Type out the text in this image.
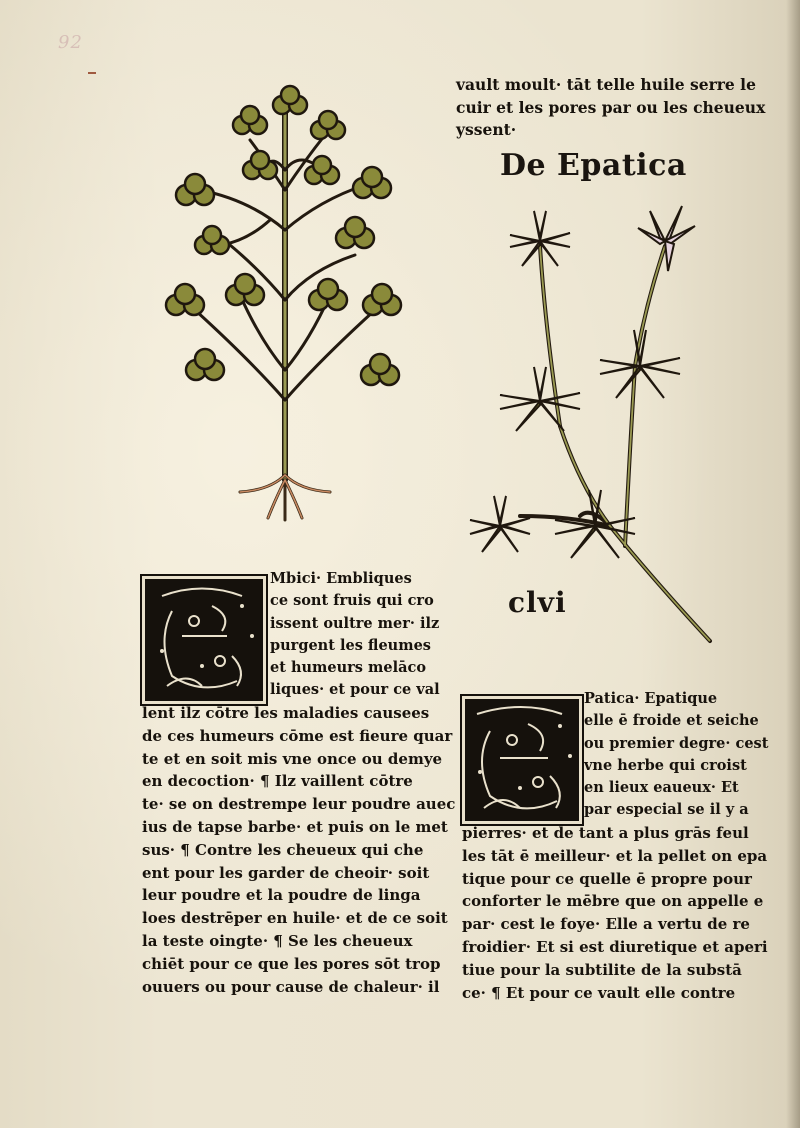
92
vault moult· tāt telle huile serre le
cuir et les pores par ou les cheueux
yssent·
De Epatica
clvi
Mbici· Embliques
ce sont fruis qui cro
issent oultre mer· ilz
purgent les fleumes
et humeurs melāco
liques· et pour ce val
lent ilz cōtre les maladies causees
de ces humeurs cōme est fieure quar
te et en soit mis vne once ou demye
en decoction· ¶ Ilz vaillent cōtre
te· se on destrempe leur poudre auec
ius de tapse barbe· et puis on le met
sus· ¶ Contre les cheueux qui che
ent pour les garder de cheoir· soit
leur poudre et la poudre de linga
loes destrēper en huile· et de ce soit
la teste oingte· ¶ Se les cheueux
chiēt pour ce que les pores sōt trop
ouuers ou pour cause de chaleur· il
Patica· Epatique
elle ē froide et seiche
ou premier degre· cest
vne herbe qui croist
en lieux eaueux· Et
par especial se il y a
pierres· et de tant a plus grās feul
les tāt ē meilleur· et la pellet on epa
tique pour ce quelle ē propre pour
conforter le mēbre que on appelle e
par· cest le foye· Elle a vertu de re
froidier· Et si est diuretique et aperi
tiue pour la subtilite de la substā
ce· ¶ Et pour ce vault elle contre
